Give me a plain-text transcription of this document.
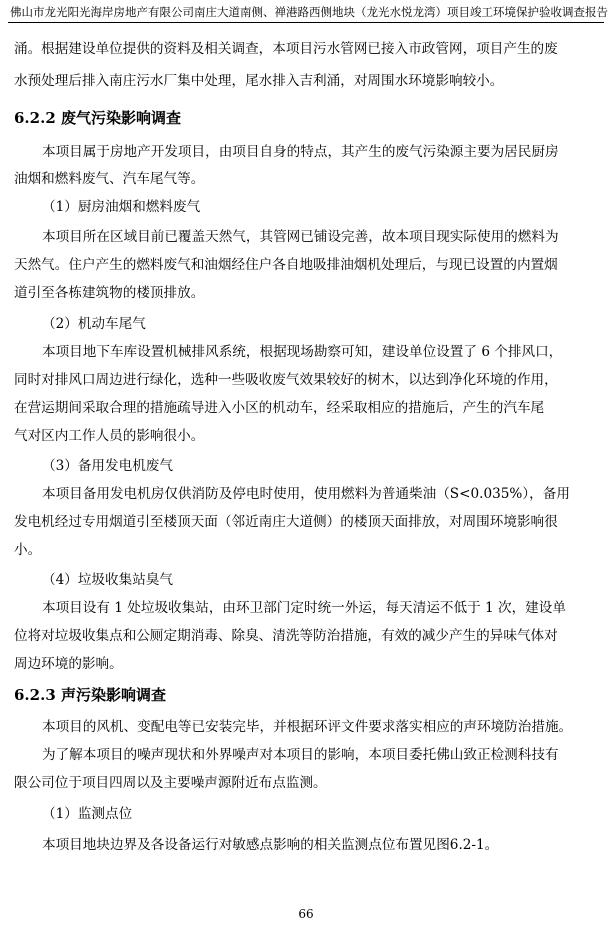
佛山市龙光阳光海岸房地产有限公司南庄大道南侧、禅港路西侧地块（龙光水悦龙湾）项目竣工环境保护验收调查报告
涌。根据建设单位提供的资料及相关调查，本项目污水管网已接入市政管网，项目产生的废
水预处理后排入南庄污水厂集中处理，尾水排入吉利涌，对周围水环境影响较小。
6.2.2 废气污染影响调查
本项目属于房地产开发项目，由项目自身的特点，其产生的废气污染源主要为居民厨房
油烟和燃料废气、汽车尾气等。
（1）厨房油烟和燃料废气
本项目所在区域目前已覆盖天然气，其管网已铺设完善，故本项目现实际使用的燃料为
天然气。住户产生的燃料废气和油烟经住户各自地吸排油烟机处理后，与现已设置的内置烟
道引至各栋建筑物的楼顶排放。
（2）机动车尾气
本项目地下车库设置机械排风系统，根据现场勘察可知，建设单位设置了 6 个排风口，
同时对排风口周边进行绿化，选种一些吸收废气效果较好的树木，以达到净化环境的作用，
在营运期间采取合理的措施疏导进入小区的机动车，经采取相应的措施后，产生的汽车尾
气对区内工作人员的影响很小。
（3）备用发电机废气
本项目备用发电机房仅供消防及停电时使用，使用燃料为普通柴油（S<0.035%），备用
发电机经过专用烟道引至楼顶天面（邻近南庄大道侧）的楼顶天面排放，对周围环境影响很
小。
（4）垃圾收集站臭气
本项目设有 1 处垃圾收集站，由环卫部门定时统一外运，每天清运不低于 1 次，建设单
位将对垃圾收集点和公厕定期消毒、除臭、清洗等防治措施，有效的减少产生的异味气体对
周边环境的影响。
6.2.3 声污染影响调查
本项目的风机、变配电等已安装完毕，并根据环评文件要求落实相应的声环境防治措施。
为了解本项目的噪声现状和外界噪声对本项目的影响，本项目委托佛山致正检测科技有
限公司位于项目四周以及主要噪声源附近布点监测。
（1）监测点位
本项目地块边界及各设备运行对敏感点影响的相关监测点位布置见图6.2-1。
66
